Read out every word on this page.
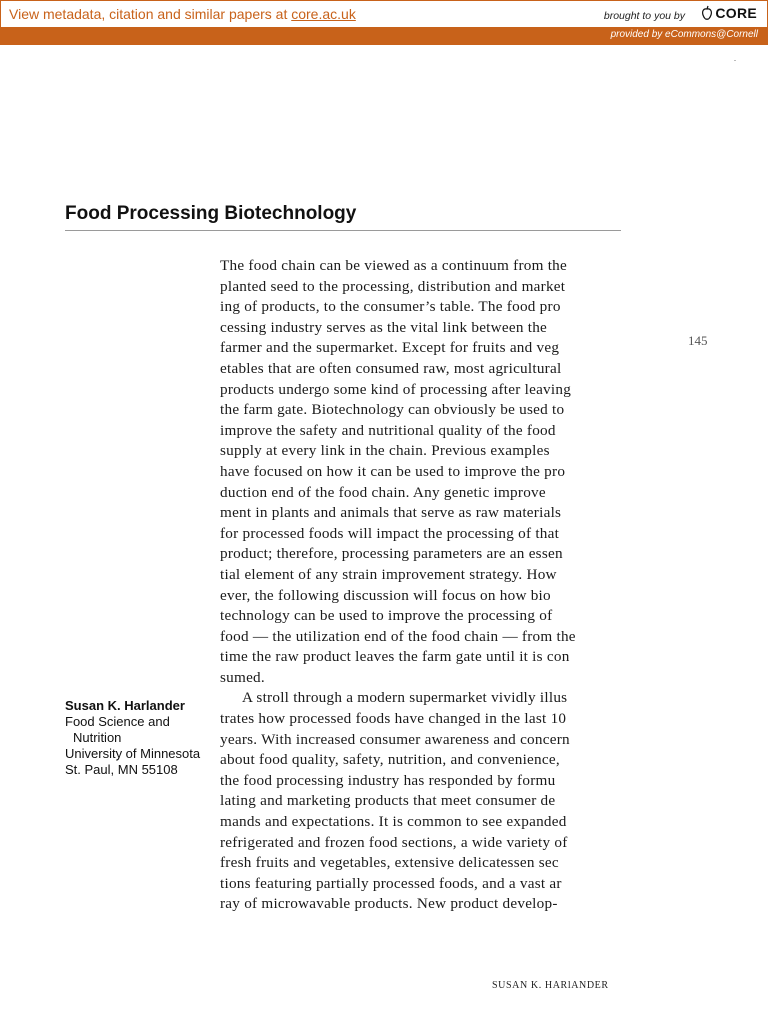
View metadata, citation and similar papers at core.ac.uk	brought to you by CORE
provided by eCommons@Cornell
Food Processing Biotechnology
145
The food chain can be viewed as a continuum from the
planted seed to the processing, distribution and market
ing of products, to the consumer’s table. The food pro
cessing industry serves as the vital link between the
farmer and the supermarket. Except for fruits and veg
etables that are often consumed raw, most agricultural
products undergo some kind of processing after leaving
the farm gate. Biotechnology can obviously be used to
improve the safety and nutritional quality of the food
supply at every link in the chain. Previous examples
have focused on how it can be used to improve the pro
duction end of the food chain. Any genetic improve
ment in plants and animals that serve as raw materials
for processed foods will impact the processing of that
product; therefore, processing parameters are an essen
tial element of any strain improvement strategy. How
ever, the following discussion will focus on how bio
technology can be used to improve the processing of
food — the utilization end of the food chain — from the
time the raw product leaves the farm gate until it is con
sumed.
A stroll through a modern supermarket vividly illus
trates how processed foods have changed in the last 10
years. With increased consumer awareness and concern
about food quality, safety, nutrition, and convenience,
the food processing industry has responded by formu
lating and marketing products that meet consumer de
mands and expectations. It is common to see expanded
refrigerated and frozen food sections, a wide variety of
fresh fruits and vegetables, extensive delicatessen sec
tions featuring partially processed foods, and a vast ar
ray of microwavable products. New product develop-
Susan K. Harlander
Food Science and
Nutrition
University of Minnesota
St. Paul, MN 55108
SUSAN K. HARlANDER
